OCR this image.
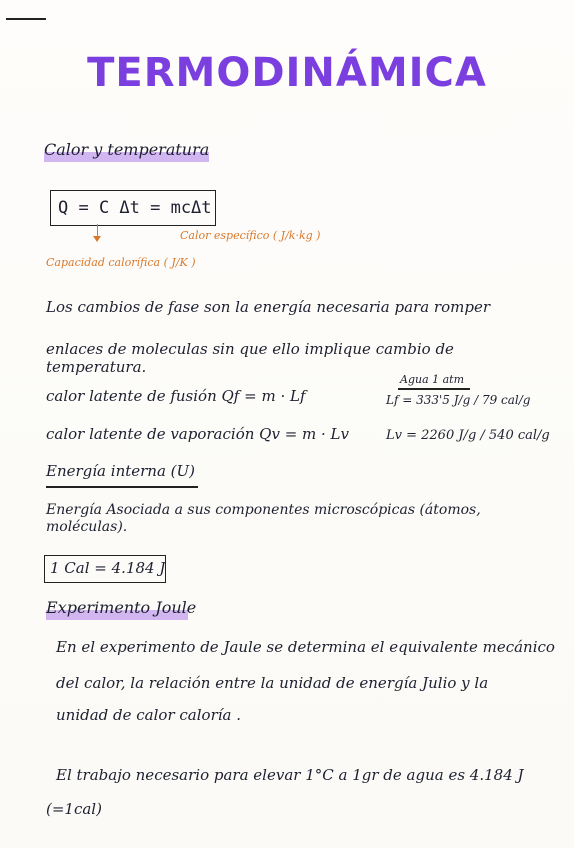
TERMODINÁMICA
Calor y temperatura
Q = C Δt = mcΔt
Calor específico ( J/k·kg )
Capacidad calorífica ( J/K )
Los cambios de fase son la energía necesaria para romper
enlaces de moleculas sin que ello implique cambio de temperatura.
Agua 1 atm
calor latente de fusión Qf = m · Lf	Lf = 333'5 J/g / 79 cal/g
calor latente de vaporación Qv = m · Lv	Lv = 2260 J/g / 540 cal/g
Energía interna (U)
Energía Asociada a sus componentes microscópicas (átomos, moléculas).
1 Cal = 4.184 J
Experimento Joule
En el experimento de Jaule se determina el equivalente mecánico
del calor, la relación entre la unidad de energía Julio y la
unidad de calor caloría .
El trabajo necesario para elevar 1°C a 1gr de agua es 4.184 J
(=1cal)
